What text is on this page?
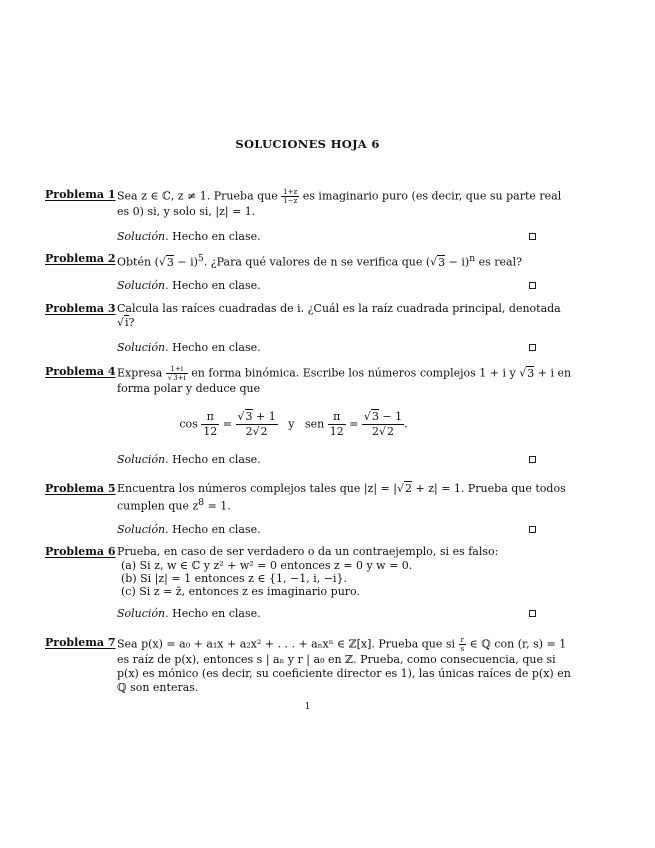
SOLUCIONES HOJA 6
Problema 1 Sea z ∈ ℂ, z ≠ 1. Prueba que $\frac{1+z}{1-z}$ es imaginario puro (es decir, que su parte real
es 0) si, y solo si, |z| = 1.
Solución. Hecho en clase.
Problema 2 Obtén $(√3 - i)^5$. ¿Para qué valores de n se verifica que $(√3 - i)^n$ es real?
Solución. Hecho en clase.
Problema 3 Calcula las raíces cuadradas de i. ¿Cuál es la raíz cuadrada principal, denotada
√i?
Solución. Hecho en clase.
Problema 4 Expresa $\frac{1+i}{√3+i}$ en forma binómica. Escribe los números complejos 1 + i y √3 + i en
forma polar y deduce que
$\cos \frac{\pi}{12} = \frac{√3 + 1}{2√2}$ y sen $\frac{\pi}{12} = \frac{√3 - 1}{2√2}$ .
Solución. Hecho en clase.
Problema 5 Encuentra los números complejos tales que |z| = |√2 + z| = 1. Prueba que todos
cumplen que $z^8 = 1$.
Solución. Hecho en clase.
Problema 6 Prueba, en caso de ser verdadero o da un contraejemplo, si es falso:
(a) Si z, w ∈ ℂ y z² + w² = 0 entonces z = 0 y w = 0.
(b) Si |z| = 1 entonces z ∈ {1, −1, i, −i}.
(c) Si z = z̄, entonces z es imaginario puro.
Solución. Hecho en clase.
Problema 7 Sea p(x) = a₀ + a₁x + a₂x² + . . . + aₙxⁿ ∈ ℤ[x]. Prueba que si $\frac{r}{s}$ ∈ ℚ con (r, s) = 1
es raíz de p(x), entonces s | aₙ y r | a₀ en ℤ. Prueba, como consecuencia, que si
p(x) es mónico (es decir, su coeficiente director es 1), las únicas raíces de p(x) en
ℚ son enteras.
1
